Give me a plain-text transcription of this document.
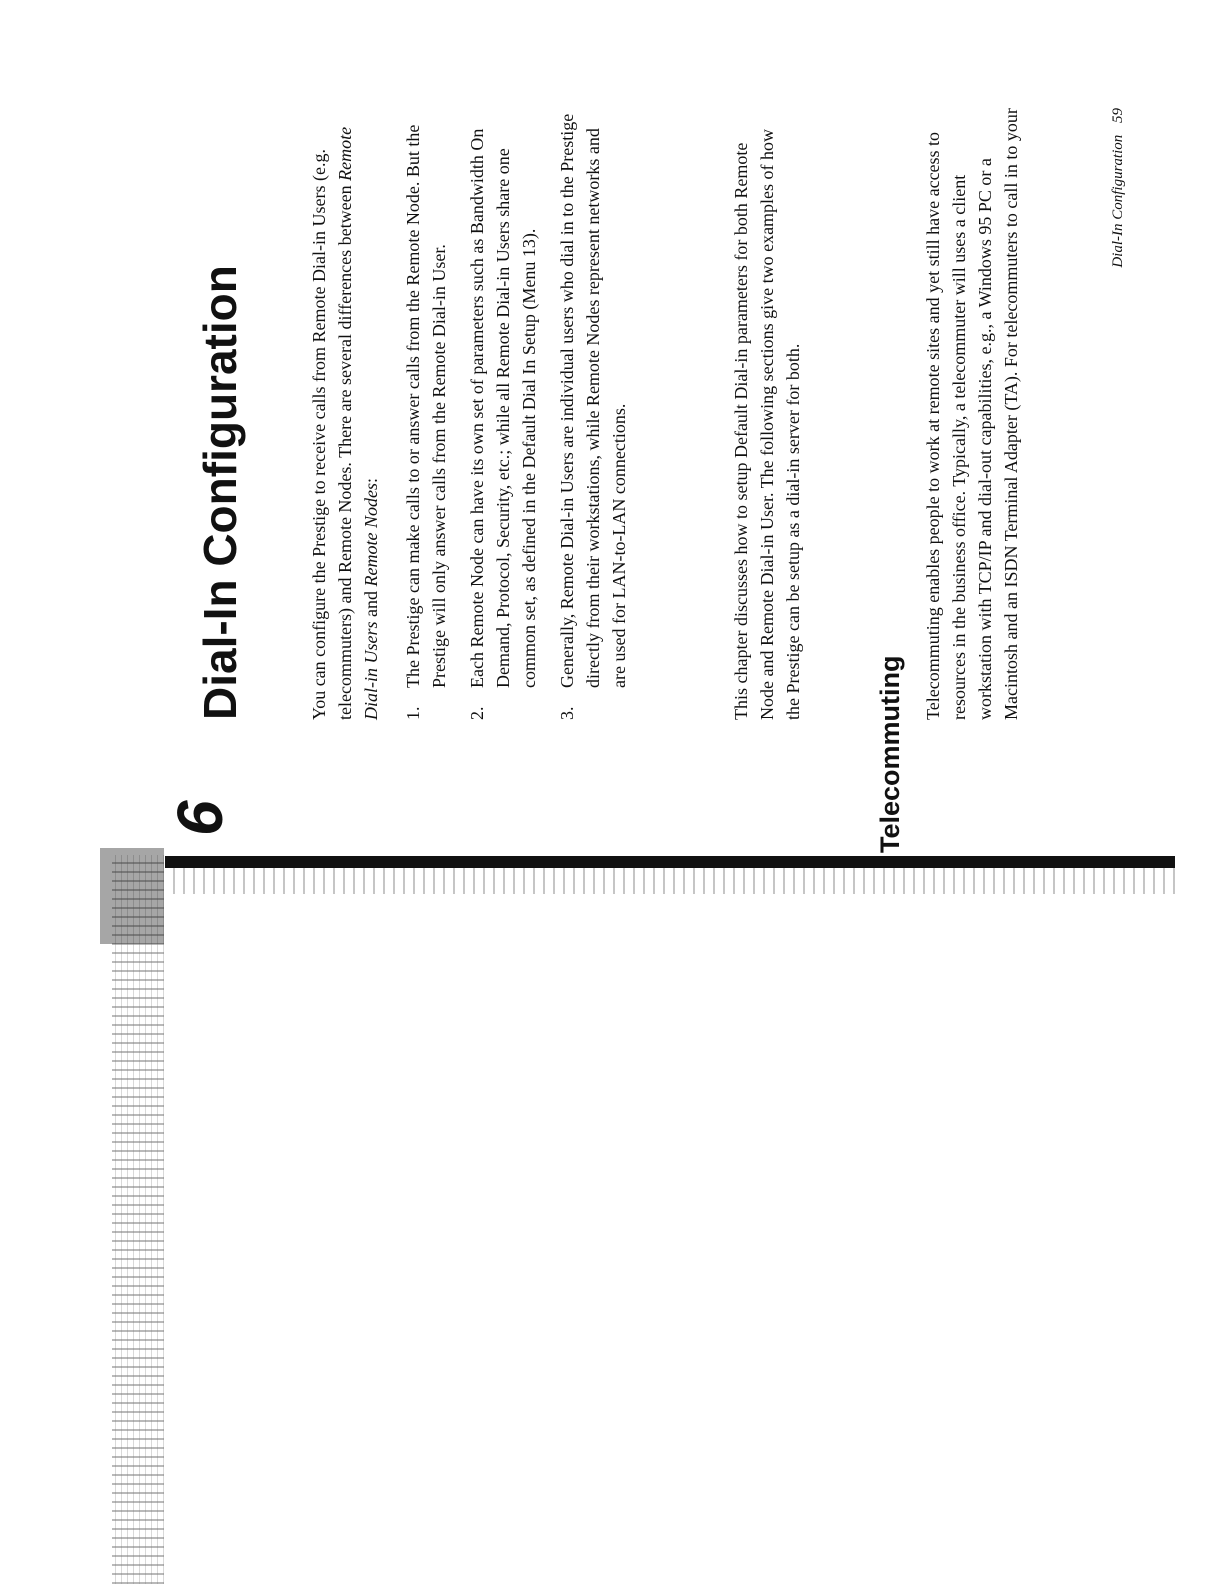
6
Dial-In Configuration	You can configure the Prestige to receive calls from Remote Dial-in Users (e.g. telecommuters) and Remote Nodes. There are several differences between Remote Dial-in Users and Remote Nodes:
1.
The Prestige can make calls to or answer calls from the Remote Node. But the Prestige will only answer calls from the Remote Dial-in User.
2.
Each Remote Node can have its own set of parameters such as Bandwidth On Demand, Protocol, Security, etc.; while all Remote Dial-in Users share one common set, as defined in the Default Dial In Setup (Menu 13).
3.
Generally, Remote Dial-in Users are individual users who dial in to the Prestige directly from their workstations, while Remote Nodes represent networks and are used for LAN-to-LAN connections.	This chapter discusses how to setup Default Dial-in parameters for both Remote Node and Remote Dial-in User. The following sections give two examples of how the Prestige can be setup as a dial-in server for both.
Telecommuting
Telecommuting enables people to work at remote sites and yet still have access to resources in the business office. Typically, a telecommuter will uses a client workstation with TCP/IP and dial-out capabilities, e.g., a Windows 95 PC or a Macintosh and an ISDN Terminal Adapter (TA). For telecommuters to call in to your	Dial-In Configuration 59
